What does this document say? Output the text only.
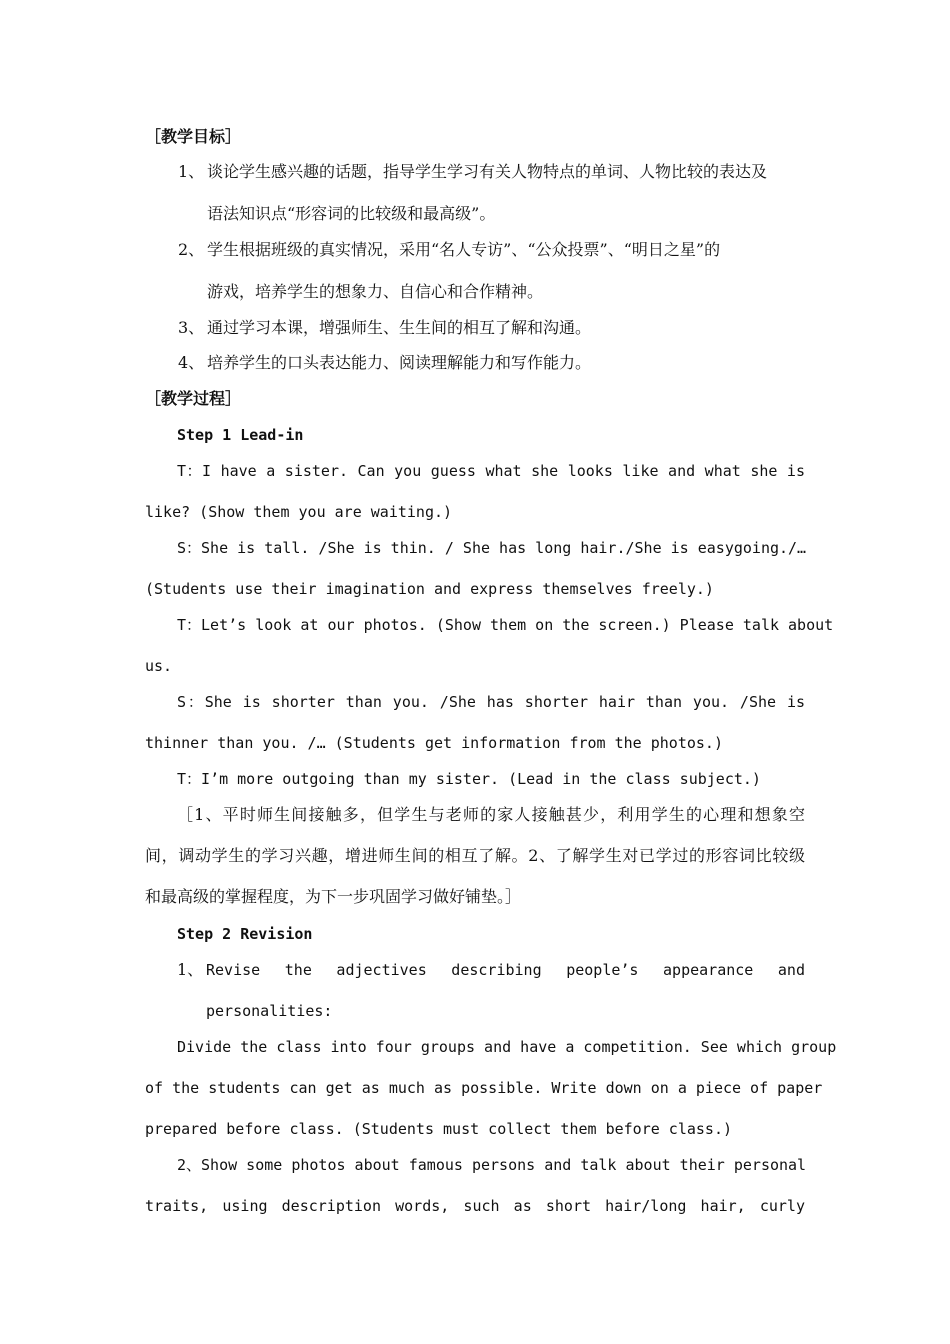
［教学目标］
1、 谈论学生感兴趣的话题，指导学生学习有关人物特点的单词、人物比较的表达及
语法知识点“形容词的比较级和最高级”。
2、 学生根据班级的真实情况，采用“名人专访”、“公众投票”、“明日之星”的
游戏，培养学生的想象力、自信心和合作精神。
3、 通过学习本课，增强师生、生生间的相互了解和沟通。
4、 培养学生的口头表达能力、阅读理解能力和写作能力。
［教学过程］
Step 1 Lead-in
T：I have a sister. Can you guess what she looks like and what she is
like? (Show them you are waiting.)
S：She is tall. /She is thin. / She has long hair./She is easygoing./…
(Students use their imagination and express themselves freely.)
T：Let’s look at our photos. (Show them on the screen.) Please talk about
us.
S：She is shorter than you. /She has shorter hair than you. /She is
thinner than you. /… (Students get information from the photos.)
T：I’m more outgoing than my sister. (Lead in the class subject.)
［1、平时师生间接触多，但学生与老师的家人接触甚少，利用学生的心理和想象空
间，调动学生的学习兴趣，增进师生间的相互了解。2、了解学生对已学过的形容词比较级
和最高级的掌握程度，为下一步巩固学习做好铺垫。］
Step 2 Revision
1、 Revise the adjectives describing people’s appearance and
personalities:
Divide the class into four groups and have a competition. See which group
of the students can get as much as possible. Write down on a piece of paper
prepared before class. (Students must collect them before class.)
2、Show some photos about famous persons and talk about their personal
traits, using description words, such as short hair/long hair, curly
